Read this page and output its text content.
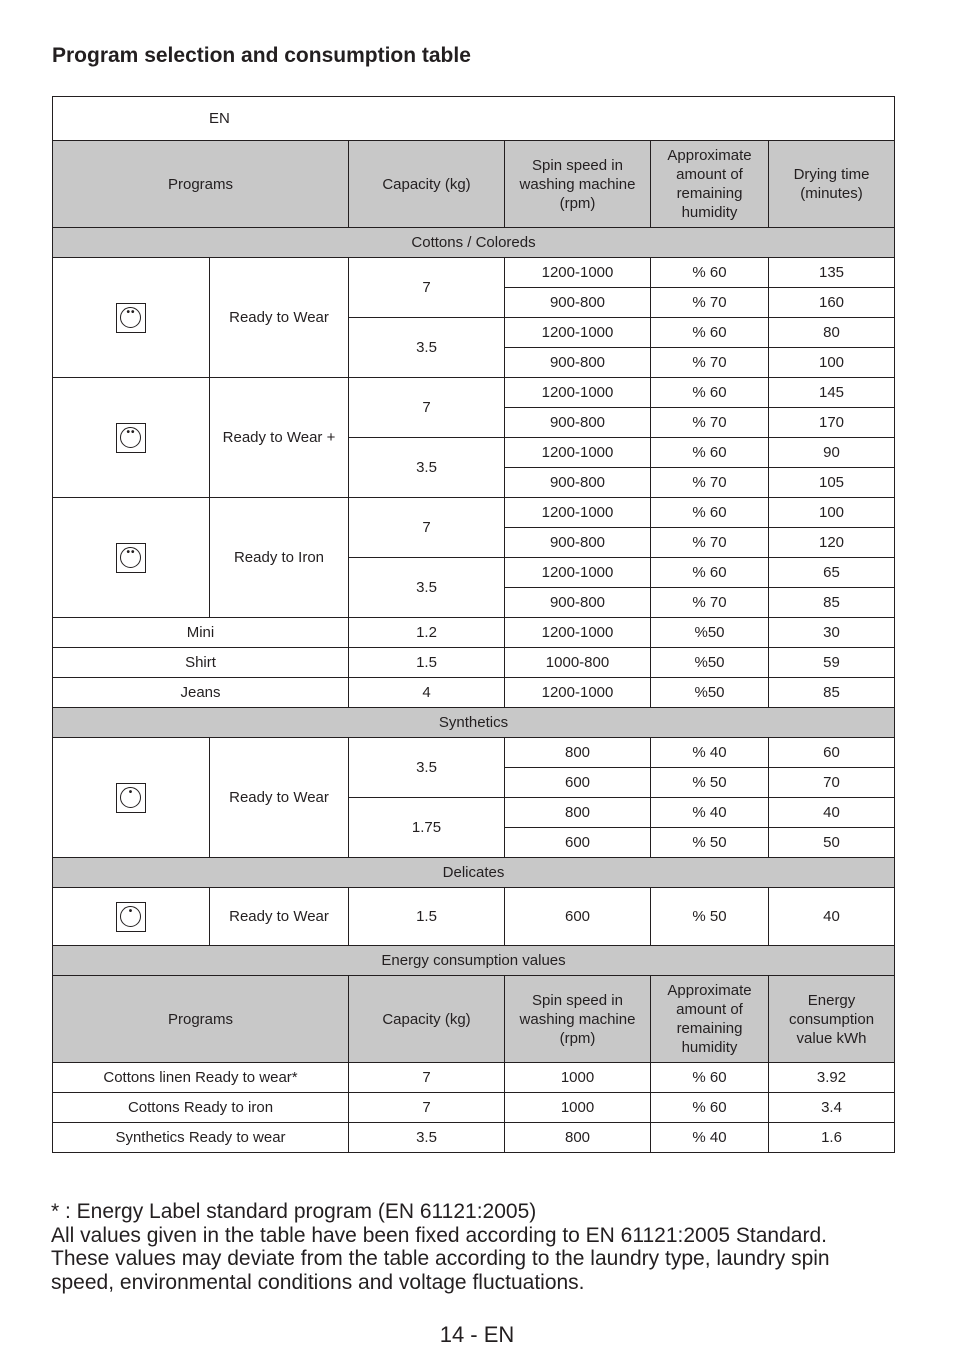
Program selection and consumption table
EN					
Programs		Capacity (kg)	Spin speed in washing machine (rpm)	Approximate amount of remaining humidity	Drying time (minutes)
Cottons / Coloreds					

••	Ready to Wear	7	1200-1000	% 60	135
			900-800	% 70	160
		3.5	1200-1000	% 60	80
			900-800	% 70	100

••	Ready to Wear +	7	1200-1000	% 60	145
			900-800	% 70	170
		3.5	1200-1000	% 60	90
			900-800	% 70	105

••	Ready to Iron	7	1200-1000	% 60	100
			900-800	% 70	120
		3.5	1200-1000	% 60	65
			900-800	% 70	85
Mini		1.2	1200-1000	%50	30
Shirt		1.5	1000-800	%50	59
Jeans		4	1200-1000	%50	85
Synthetics					

•	Ready to Wear	3.5	800	% 40	60
			600	% 50	70
		1.75	800	% 40	40
			600	% 50	50
Delicates					

•	Ready to Wear	1.5	600	% 50	40
Energy consumption values					
Programs		Capacity (kg)	Spin speed in washing machine (rpm)	Approximate amount of remaining humidity	Energy consumption value kWh
Cottons linen Ready to wear*		7	1000	% 60	3.92
Cottons Ready to iron		7	1000	% 60	3.4
Synthetics Ready to wear		3.5	800	% 40	1.6
* : Energy Label standard program (EN 61121:2005)
All values given in the table have been fixed according to EN 61121:2005 Standard.
These values may deviate from the table according to the laundry type, laundry spin
speed, environmental conditions and voltage fluctuations.
14 - EN
